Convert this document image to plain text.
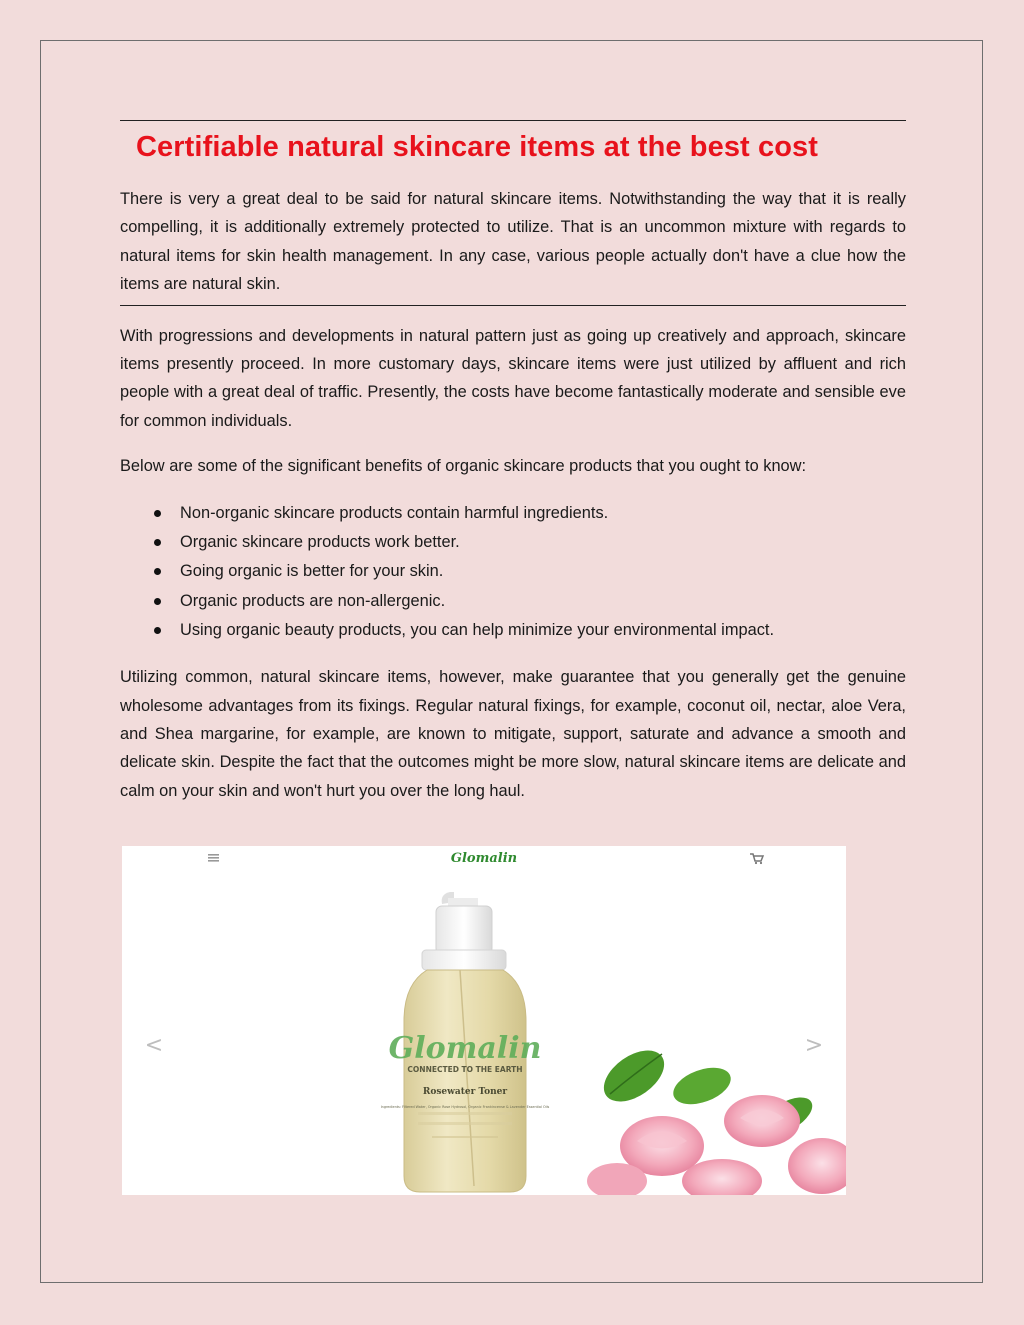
Certifiable natural skincare items at the best cost

There is very a great deal to be said for natural skincare items. Notwithstanding the way that it is really compelling, it is additionally extremely protected to utilize. That is an uncommon mixture with regards to natural items for skin health management. In any case, various people actually don't have a clue how the items are natural skin.

With progressions and developments in natural pattern just as going up creatively and approach, skincare items presently proceed. In more customary days, skincare items were just utilized by affluent and rich people with a great deal of traffic. Presently, the costs have become fantastically moderate and sensible eve for common individuals.

Below are some of the significant benefits of organic skincare products that you ought to know:

Non-organic skincare products contain harmful ingredients.
Organic skincare products work better.
Going organic is better for your skin.
Organic products are non-allergenic.
Using organic beauty products, you can help minimize your environmental impact.

Utilizing common, natural skincare items, however, make guarantee that you generally get the genuine wholesome advantages from its fixings. Regular natural fixings, for example, coconut oil, nectar, aloe Vera, and Shea margarine, for example, are known to mitigate, support, saturate and advance a smooth and delicate skin. Despite the fact that the outcomes might be more slow, natural skincare items are delicate and calm on your skin and won't hurt you over the long haul.

Glomalin
<	>
Glomalin
CONNECTED TO THE EARTH
Rosewater Toner
Ingredients: Filtered Water, Organic Rose Hydrosol, Organic Frankincense & Lavender Essential Oils
